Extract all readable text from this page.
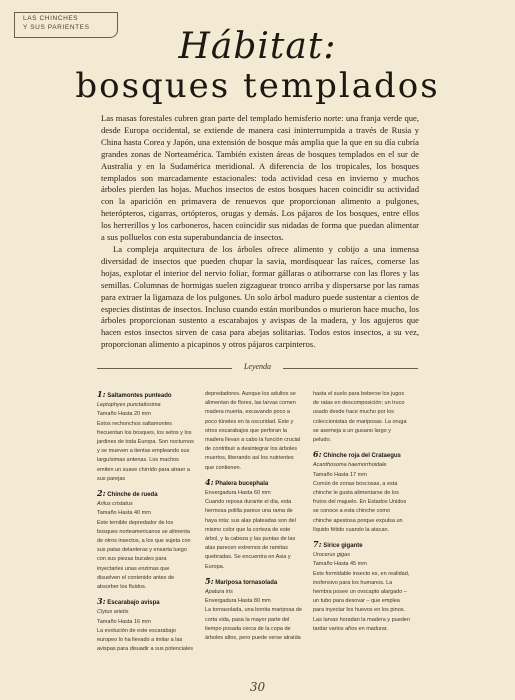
LAS CHINCHES
Y SUS PARIENTES	Hábitat:
bosques templados

Las masas forestales cubren gran parte del templado hemisferio norte: una franja verde que, desde Europa occidental, se extiende de manera casi ininterrumpida a través de Rusia y China hasta Corea y Japón, una extensión de bosque más amplia que la que en su día cubría grandes zonas de Norteamérica. También existen áreas de bosques templados en el sur de Australia y en la Sudamérica meridional. A diferencia de los tropicales, los bosques templados son marcadamente estacionales: toda actividad cesa en invierno y muchos árboles pierden las hojas. Muchos insectos de estos bosques hacen coincidir su actividad con la aparición en primavera de renuevos que proporcionan alimento a pulgones, heterópteros, cigarras, ortópteros, orugas y demás. Los pájaros de los bosques, entre ellos los herrerillos y los carboneros, hacen coincidir sus nidadas de forma que puedan alimentar a sus polluelos con esta superabundancia de insectos.

La compleja arquitectura de los árboles ofrece alimento y cobijo a una inmensa diversidad de insectos que pueden chupar la savia, mordisquear las raíces, comerse las hojas, explotar el interior del nervio foliar, formar gállaras o atiborrarse con las flores y las semillas. Columnas de hormigas suelen zigzaguear tronco arriba y dispersarse por las ramas para extraer la ligamaza de los pulgones. Un solo árbol maduro puede sustentar a cientos de especies distintas de insectos. Incluso cuando están moribundos o murieron hace mucho, los árboles proporcionan sustento a escarabajos y avispas de la madera, y los agujeros que hacen estos insectos sirven de casa para abejas solitarias. Todos estos insectos, a su vez, proporcionan alimento a picapinos y otros pájaros carpinteros.

Leyenda
1: Saltamontes punteado
Leptophyes punctatissima
Tamaño Hasta 20 mm
Estos rechonchos saltamontes frecuentan los bosques, los setos y los jardines de toda Europa. Son nocturnos y se mueven a tientas empleando sus larguísimas antenas. Los machos emiten un suave chirrido para atraer a sus parejas
2: Chinche de rueda
Arilus cristatus
Tamaño Hasta 40 mm
Este temible depredador de los bosques norteamericanos se alimenta de otros insectos, a los que sujeta con sus patas delanteras y ensarta luego con sus piezas bucales para inyectarles unas enzimas que disuelven el contenido antes de absorber los fluidos.
3: Escarabajo avispa
Clytus arietis
Tamaño Hasta 16 mm
La evolución de este escarabajo europeo lo ha llevado a imitar a las avispas para disuadir a sus potenciales
depredadores. Aunque los adultos se alimentan de flores, las larvas comen madera muerta, excavando poco a poco túneles en la oscuridad. Este y otros escarabajos que perforan la madera llevan a cabo la función crucial de contribuir a desintegrar los árboles muertos, liberando así los nutrientes que contienen.
4: Phalera bucephala
Envergadura Hasta 60 mm
Cuando reposa durante el día, esta hermosa polilla parece una rama de haya rota: sus alas plateadas son del mismo color que la corteza de este árbol, y la cabeza y las puntas de las alas parecen extremos de ramitas quebradas. Se encuentra en Asia y Europa.
5: Mariposa tornasolada
Apatura iris
Envergadura Hasta 80 mm
La tornasolada, una bonita mariposa de corta vida, pasa la mayor parte del tiempo posada cerca de la copa de árboles altos, pero puede verse atraída
hasta el suelo para beberse los jugos de ratas en descomposición; un truco usado desde hace mucho por los coleccionistas de mariposas. La oruga se asemeja a un gusano largo y peludo.
6: Chinche roja del Crataegus
Acanthosoma haemorrhoidale
Tamaño Hasta 17 mm
Común de zonas boscosas, a esta chinche le gusta alimentarse de los frutos del majuelo. En Estados Unidos se conoce a esta chinche como chinche apestosa porque expulsa un líquido fétido cuando la atacan.
7: Sirice gigante
Urocerus gigas
Tamaño Hasta 45 mm
Este formidable insecto es, en realidad, inofensivo para los humanos. La hembra posee un ovscapto alargado – un tubo para desovar – que emplea para inyectar los huevos en los pinos. Las larvas horadan la madera y pueden tardar varios años en madurar.
30
